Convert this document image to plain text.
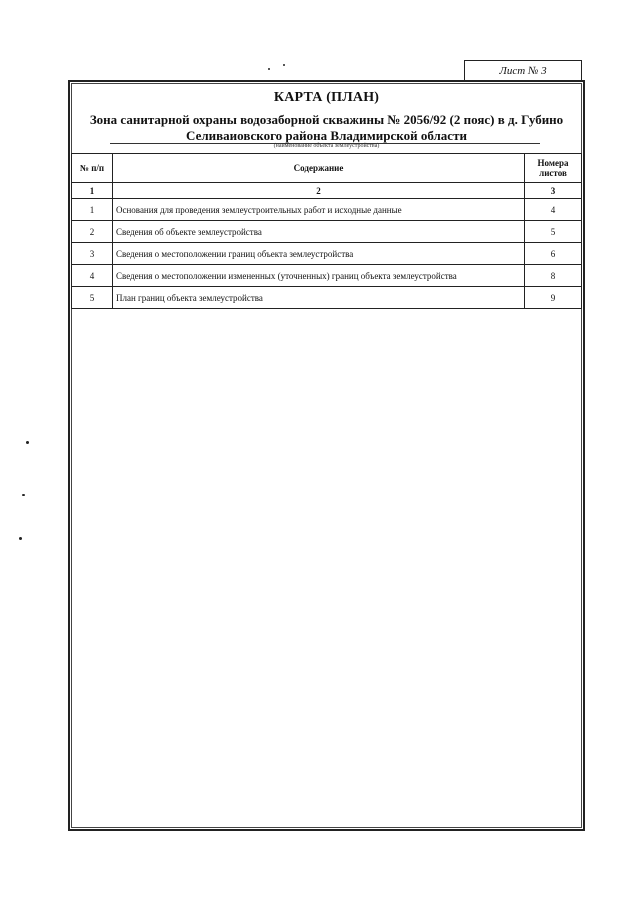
Лист № 3
КАРТА (ПЛАН)
Зона санитарной охраны водозаборной скважины № 2056/92 (2 пояс) в д. Губино Селиваиовского района Владимирской области
(наименование объекта землеустройства)
№ п/п	Содержание	Номера листов
1	2	3
1	Основания для проведения землеустроительных работ и исходные данные	4
2	Сведения об объекте землеустройства	5
3	Сведения о местоположении границ объекта землеустройства	6
4	Сведения о местоположении измененных (уточненных) границ объекта землеустройства	8
5	План границ объекта землеустройства	9
